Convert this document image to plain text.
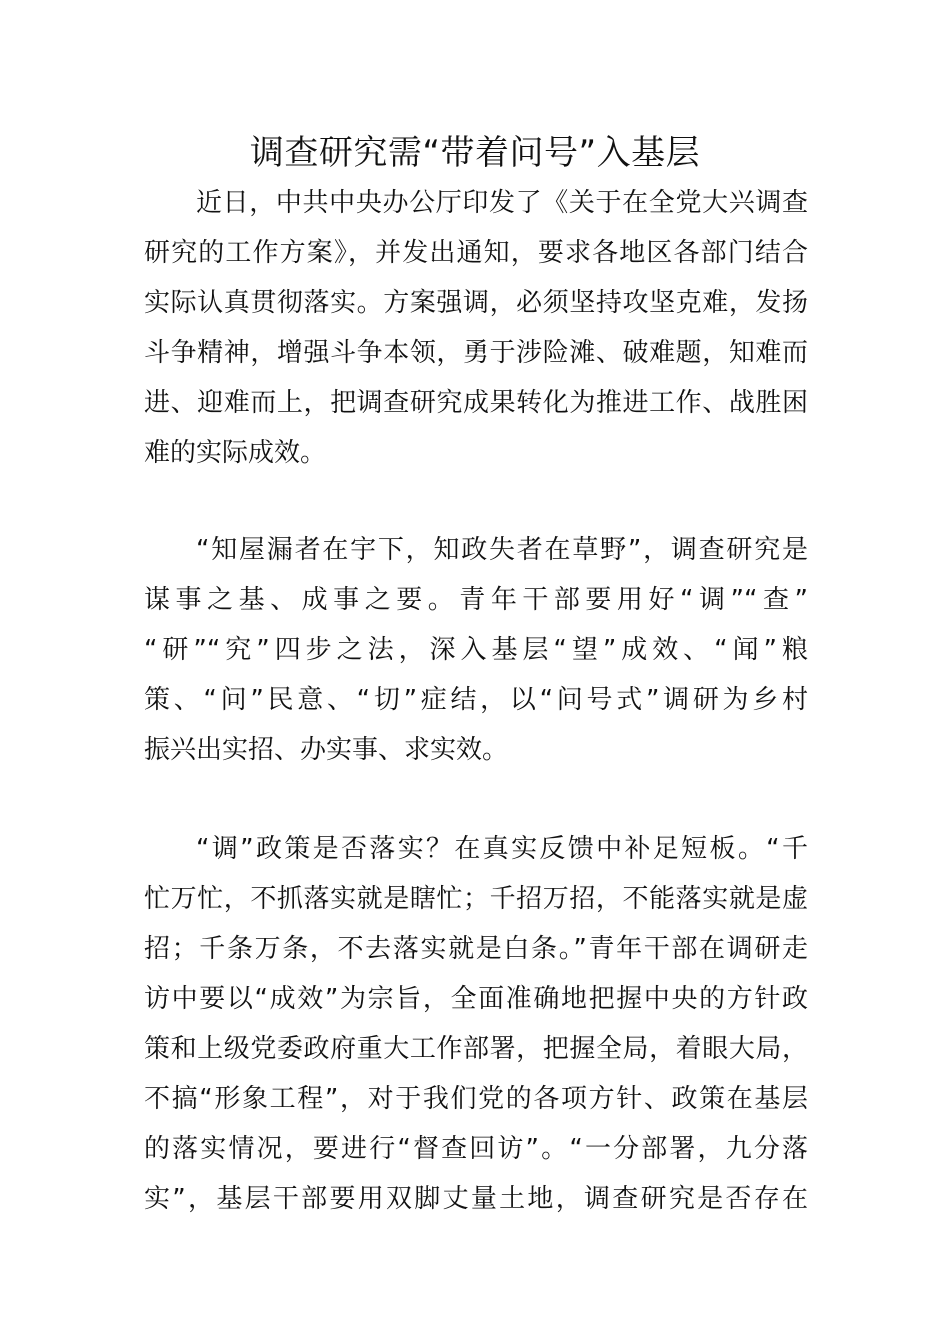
调查研究需“带着问号”入基层
近日，中共中央办公厅印发了《关于在全党大兴调查
研究的工作方案》，并发出通知，要求各地区各部门结合
实际认真贯彻落实。方案强调，必须坚持攻坚克难，发扬
斗争精神，增强斗争本领，勇于涉险滩、破难题，知难而
进、迎难而上，把调查研究成果转化为推进工作、战胜困
难的实际成效。
“知屋漏者在宇下，知政失者在草野”，调查研究是
谋事之基、成事之要。青年干部要用好“调”“查”
“研”“究”四步之法，深入基层“望”成效、“闻”粮
策、“问”民意、“切”症结，以“问号式”调研为乡村
振兴出实招、办实事、求实效。
“调”政策是否落实？在真实反馈中补足短板。“千
忙万忙，不抓落实就是瞎忙；千招万招，不能落实就是虚
招；千条万条，不去落实就是白条。”青年干部在调研走
访中要以“成效”为宗旨，全面准确地把握中央的方针政
策和上级党委政府重大工作部署，把握全局，着眼大局，
不搞“形象工程”，对于我们党的各项方针、政策在基层
的落实情况，要进行“督查回访”。“一分部署，九分落
实”，基层干部要用双脚丈量土地，调查研究是否存在
